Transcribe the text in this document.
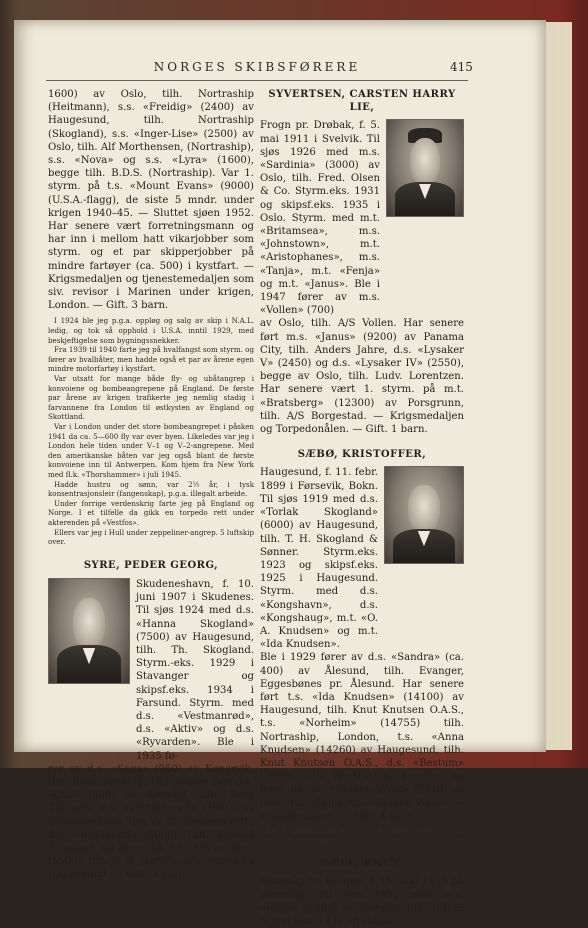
NORGES SKIBSFØRERE	415

1600) av Oslo, tilh. Nortraship (Heitmann), s.s. «Freidig» (2400) av Haugesund, tilh. Nortraship (Skogland), s.s. «Inger-Lise» (2500) av Oslo, tilh. Alf Morthensen, (Nortraship), s.s. «Nova» og s.s. «Lyra» (1600), begge tilh. B.D.S. (Nortraship). Var 1. styrm. på t.s. «Mount Evans» (9000) (U.S.A.-flagg), de siste 5 mndr. under krigen 1940–45. — Sluttet sjøen 1952. Har senere vært forretningsmann og har inn i mellom hatt vikarjobber som styrm. og et par skipperjobber på mindre fartøyer (ca. 500) i kystfart. — Krigsmedaljen og tjenestemedaljen som siv. revisor i Marinen under krigen, London. — Gift. 3 barn.

I 1924 ble jeg p.g.a. oppløg og salg av skip i N.A.L. ledig, og tok så opphold i U.S.A. inntil 1929, med beskjeftigelse som bygningssnekker.

Fra 1939 til 1940 farte jeg på hvalfangst som styrm. og fører av hvalbåter, men hadde også et par av årene egen mindre motorfartøy i kystfart.

Var utsatt for mange både fly- og ubåtangrep i konvoiene og bombeangrepene på England. De første par årene av krigen trafikerte jeg nemlig stadig i farvannene fra London til østkysten av England og Skottland.

Var i London under det store bombeangrepet i påsken 1941 da ca. 5—600 fly var over byen. Likeledes var jeg i London hele tiden under V–1 og V–2-angrepene. Med den amerikanske båten var jeg også blant de første konvoiene inn til Antwerpen. Kom hjem fra New York med fl.k. «Thorshammer» i juli 1945.

Hadde hustru og sønn, var 2½ år, i tysk konsentrasjonsleir (fangenskap), p.g.a. illegalt arbeide.

Under forrige verdenskrig farte jeg på England og Norge. I et tilfelle da gikk en torpedo rett under akterenden på «Vestfos».

Ellers var jeg i Hull under zeppeliner-angrep. 5 luftskip over.

SYRE, PEDER GEORG,

Skudeneshavn, f. 10. juni 1907 i Skudenes. Til sjøs 1924 med d.s. «Hanna Skogland» (7500) av Haugesund, tilh. Th. Skogland. Styrm.-eks. 1929 i Stavanger og skipsf.eks. 1934 i Farsund. Styrm. med d.s. «Vestmanrød», d.s. «Aktiv» og d.s. «Ryvarden». Ble i 1935 fø-

rer av d.s. «Saga» (950) av Kopervik, tilh. Elias Sandvig. Har senere ført d.s. «Olli» (800) av Arendal, tilh. Berg Thorsen, d.s. «Vestmanrød» (1040) av Skudeneshavn, tilh. O. G. Gjessens Eftf., d.s. «Røyksund» (1000), tilh. Sigvald Risanger, og fører nå d.s. «Ryvarden» (5500), tilh. F. N. Nordbø A/S, begge av Haugesund. — Gift. 3 barn.

SYVERTSEN, CARSTEN HARRY LIE,

Frogn pr. Drøbak, f. 5. mai 1911 i Svelvik. Til sjøs 1926 med m.s. «Sardinia» (3000) av Oslo, tilh. Fred. Olsen & Co. Styrm.eks. 1931 og skipsf.eks. 1935 i Oslo. Styrm. med m.t. «Britamsea», m.s. «Johnstown», m.t. «Aristophanes», m.s. «Tanja», m.t. «Fenja» og m.t. «Janus». Ble i 1947 fører av m.s. «Vollen» (700)

av Oslo, tilh. A/S Vollen. Har senere ført m.s. «Janus» (9200) av Panama City, tilh. Anders Jahre, d.s. «Lysaker V» (2450) og d.s. «Lysaker IV» (2550), begge av Oslo, tilh. Ludv. Lorentzen. Har senere vært 1. styrm. på m.t. «Bratsberg» (12300) av Porsgrunn, tilh. A/S Borgestad. — Krigsmedaljen og Torpedonålen. — Gift. 1 barn.

SÆBØ, KRISTOFFER,

Haugesund, f. 11. febr. 1899 i Førsevik, Bokn. Til sjøs 1919 med d.s. «Torlak Skogland» (6000) av Haugesund, tilh. T. H. Skogland & Sønner. Styrm.eks. 1923 og skipsf.eks. 1925 i Haugesund. Styrm. med d.s. «Kongshavn», d.s. «Kongshaug», m.t. «O. A. Knudsen» og m.t. «Ida Knudsen».

Ble i 1929 fører av d.s. «Sandra» (ca. 400) av Ålesund, tilh. Evanger, Eggesbønes pr. Ålesund. Har senere ført t.s. «Ida Knudsen» (14100) av Haugesund, tilh. Knut Knutsen O.A.S., t.s. «Norheim» (14755) tilh. Nortraship, London, t.s. «Anna Knudsen» (14260) av Haugesund, tilh. Knut Knutsen O.A.S., d.s. «Bestum» (3600), tilh. Nortraship, London, og fører nå t.s. «Golden West» (7420) av Oslo, tilh. Skips A/S «Golden West». — Krigsmedaljen. — Gift. 4 barn.

Ble torpedert med m.t. «Ida Knudsen» den 21. juli 1941. Mistet 5 mann.

SÆLE, KNUT,

Blomvåg pr. Bergen, f. 15. mai 1913 på Blomvåg. Til sjøs 1931 med m.s. «Rigel» (6800) av Bergen, tilh. B.D.S. Styrm.eks. 1937 og skipsf.-
